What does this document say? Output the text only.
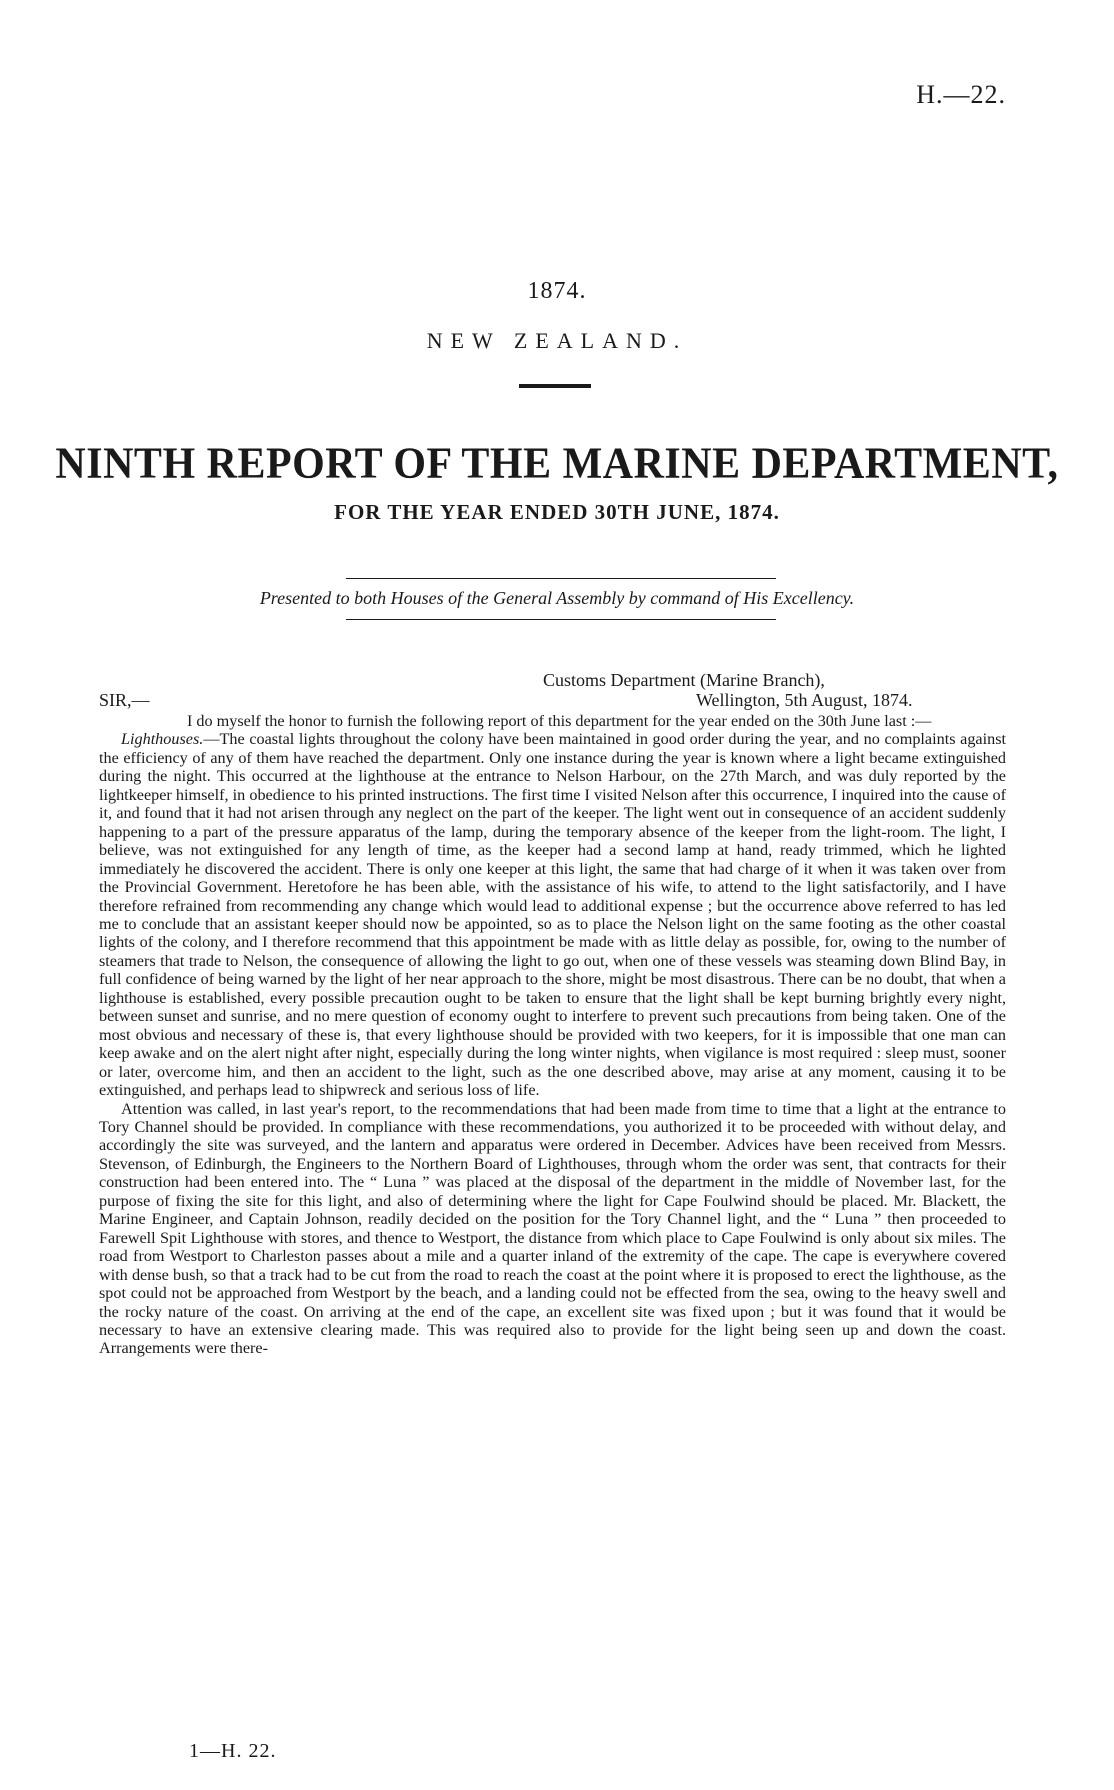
H.—22.
1874.
NEW ZEALAND.
NINTH REPORT OF THE MARINE DEPARTMENT,
FOR THE YEAR ENDED 30TH JUNE, 1874.
Presented to both Houses of the General Assembly by command of His Excellency.
Customs Department (Marine Branch),
SIR,—	Wellington, 5th August, 1874.

I do myself the honor to furnish the following report of this department for the year ended on the 30th June last :—

Lighthouses.—The coastal lights throughout the colony have been maintained in good order during the year, and no complaints against the efficiency of any of them have reached the department. Only one instance during the year is known where a light became extinguished during the night. This occurred at the lighthouse at the entrance to Nelson Harbour, on the 27th March, and was duly reported by the lightkeeper himself, in obedience to his printed instructions. The first time I visited Nelson after this occurrence, I inquired into the cause of it, and found that it had not arisen through any neglect on the part of the keeper. The light went out in consequence of an accident suddenly happening to a part of the pressure apparatus of the lamp, during the temporary absence of the keeper from the light-room. The light, I believe, was not extinguished for any length of time, as the keeper had a second lamp at hand, ready trimmed, which he lighted immediately he discovered the accident. There is only one keeper at this light, the same that had charge of it when it was taken over from the Provincial Government. Heretofore he has been able, with the assistance of his wife, to attend to the light satisfactorily, and I have therefore refrained from recommending any change which would lead to additional expense ; but the occurrence above referred to has led me to conclude that an assistant keeper should now be appointed, so as to place the Nelson light on the same footing as the other coastal lights of the colony, and I therefore recommend that this appointment be made with as little delay as possible, for, owing to the number of steamers that trade to Nelson, the consequence of allowing the light to go out, when one of these vessels was steaming down Blind Bay, in full confidence of being warned by the light of her near approach to the shore, might be most disastrous. There can be no doubt, that when a lighthouse is established, every possible precaution ought to be taken to ensure that the light shall be kept burning brightly every night, between sunset and sunrise, and no mere question of economy ought to interfere to prevent such precautions from being taken. One of the most obvious and necessary of these is, that every lighthouse should be provided with two keepers, for it is impossible that one man can keep awake and on the alert night after night, especially during the long winter nights, when vigilance is most required : sleep must, sooner or later, overcome him, and then an accident to the light, such as the one described above, may arise at any moment, causing it to be extinguished, and perhaps lead to shipwreck and serious loss of life.

Attention was called, in last year's report, to the recommendations that had been made from time to time that a light at the entrance to Tory Channel should be provided. In compliance with these recommendations, you authorized it to be proceeded with without delay, and accordingly the site was surveyed, and the lantern and apparatus were ordered in December. Advices have been received from Messrs. Stevenson, of Edinburgh, the Engineers to the Northern Board of Lighthouses, through whom the order was sent, that contracts for their construction had been entered into. The “ Luna ” was placed at the disposal of the department in the middle of November last, for the purpose of fixing the site for this light, and also of determining where the light for Cape Foulwind should be placed. Mr. Blackett, the Marine Engineer, and Captain Johnson, readily decided on the position for the Tory Channel light, and the “ Luna ” then proceeded to Farewell Spit Lighthouse with stores, and thence to Westport, the distance from which place to Cape Foulwind is only about six miles. The road from Westport to Charleston passes about a mile and a quarter inland of the extremity of the cape. The cape is everywhere covered with dense bush, so that a track had to be cut from the road to reach the coast at the point where it is proposed to erect the lighthouse, as the spot could not be approached from Westport by the beach, and a landing could not be effected from the sea, owing to the heavy swell and the rocky nature of the coast. On arriving at the end of the cape, an excellent site was fixed upon ; but it was found that it would be necessary to have an extensive clearing made. This was required also to provide for the light being seen up and down the coast. Arrangements were there-

1—H. 22.
